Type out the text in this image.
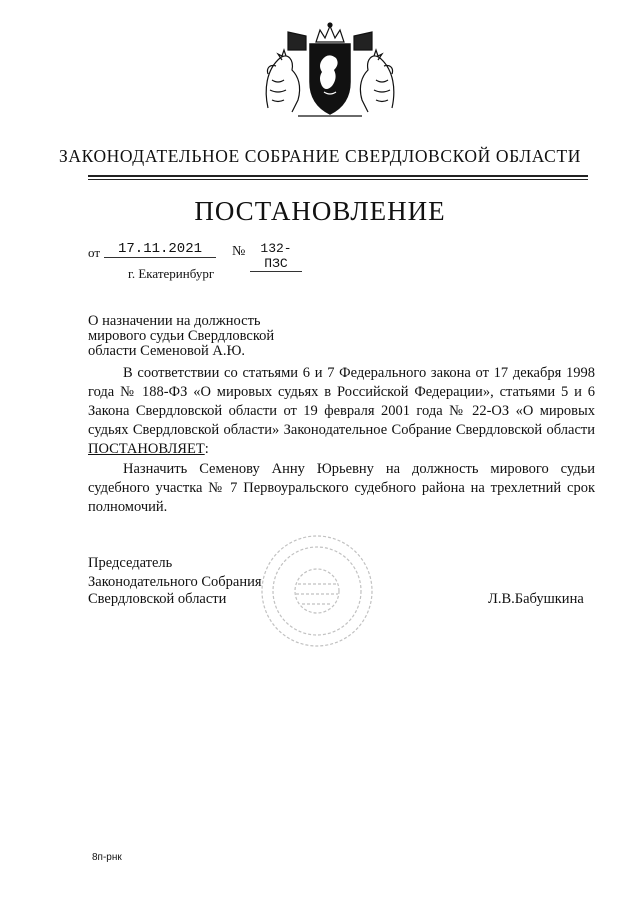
ЗАКОНОДАТЕЛЬНОЕ СОБРАНИЕ СВЕРДЛОВСКОЙ ОБЛАСТИ
ПОСТАНОВЛЕНИЕ
от	17.11.2021	№	132-ПЗС
г. Екатеринбург
О назначении на должность
мирового судьи Свердловской
области Семеновой А.Ю.

В соответствии со статьями 6 и 7 Федерального закона от 17 декабря 1998 года № 188-ФЗ «О мировых судьях в Российской Федерации», статьями 5 и 6 Закона Свердловской области от 19 февраля 2001 года № 22-ОЗ «О мировых судьях Свердловской области» Законодательное Собрание Свердловской области ПОСТАНОВЛЯЕТ:

Назначить Семенову Анну Юрьевну на должность мирового судьи судебного участка № 7 Первоуральского судебного района на трехлетний срок полномочий.

Председатель
Законодательного Собрания
Свердловской области	Л.В.Бабушкина
8п-рнк
